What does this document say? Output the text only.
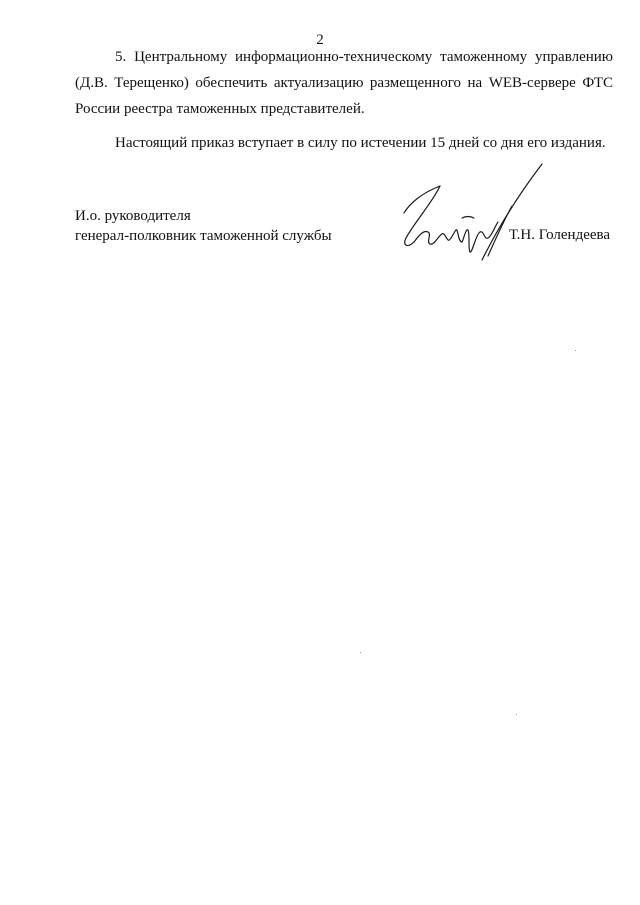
2
5. Центральному информационно-техническому таможенному управлению (Д.В. Терещенко) обеспечить актуализацию размещенного на WEB-сервере ФТС России реестра таможенных представителей.
Настоящий приказ вступает в силу по истечении 15 дней со дня его издания.
И.о. руководителя
генерал-полковник таможенной службы	Т.Н. Голендеева
